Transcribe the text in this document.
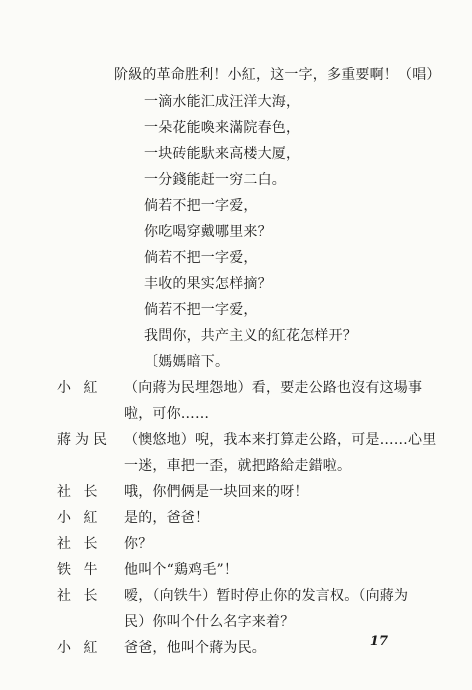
阶級的革命胜利！小紅，这一字，多重要啊！（唱）
一滴水能汇成汪洋大海，
一朵花能喚来滿院春色，
一块砖能馱来高楼大厦，
一分錢能赶一穷二白。
倘若不把一字爱，
你吃喝穿戴哪里来？
倘若不把一字爱，
丰收的果实怎样摘？
倘若不把一字爱，
我問你，共产主义的紅花怎样开？
〔媽媽暗下。
小 紅 （向蔣为民埋怨地）看，要走公路也沒有这場事
啦，可你……
蔣为民 （懊悠地）唲，我本来打算走公路，可是……心里
一迷，車把一歪，就把路給走錯啦。
社 长 哦，你們俩是一块回来的呀！
小 紅 是的，爸爸！
社 长 你？
铁 牛 他叫个“鶏鸡毛”！
社 长 嗳，（向铁牛）暂时停止你的发言权。（向蔣为
民）你叫个什么名字来着？
小 紅 爸爸，他叫个蔣为民。	17
